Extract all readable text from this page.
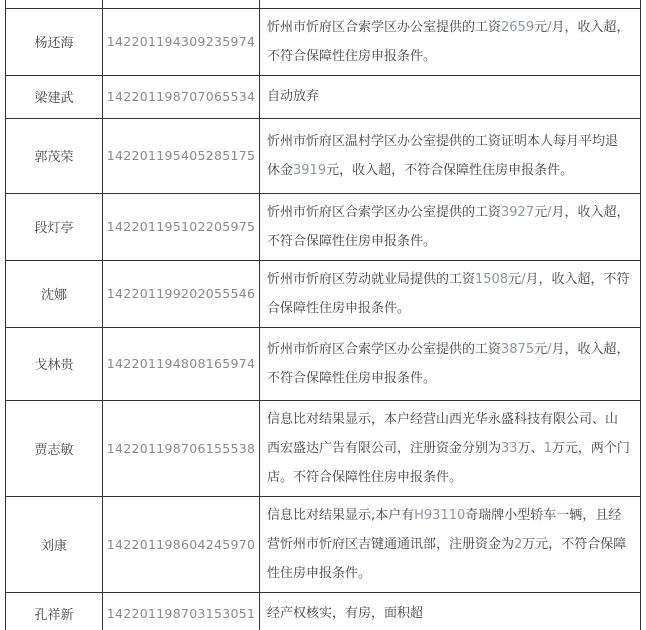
杨还海	142201194309235974	忻州市忻府区合索学区办公室提供的工资2659元/月，收入超，不符合保障性住房申报条件。
梁建武	142201198707065534	自动放弃
郭茂荣	142201195405285175	忻州市忻府区温村学区办公室提供的工资证明本人每月平均退休金3919元，收入超，不符合保障性住房申报条件。
段灯亭	142201195102205975	忻州市忻府区合索学区办公室提供的工资3927元/月，收入超，不符合保障性住房申报条件。
沈娜	142201199202055546	忻州市忻府区劳动就业局提供的工资1508元/月，收入超，不符合保障性住房申报条件。
戈林贵	142201194808165974	忻州市忻府区合索学区办公室提供的工资3875元/月，收入超，不符合保障性住房申报条件。
贾志敏	142201198706155538	信息比对结果显示，本户经营山西光华永盛科技有限公司、山西宏盛达广告有限公司，注册资金分别为33万、1万元，两个门店。不符合保障性住房申报条件。
刘康	142201198604245970	信息比对结果显示,本户有H93110奇瑞牌小型轿车一辆，且经营忻州市忻府区吉键通通讯部，注册资金为2万元，不符合保障性住房申报条件。
孔祥新	142201198703153051	经产权核实，有房，面积超
